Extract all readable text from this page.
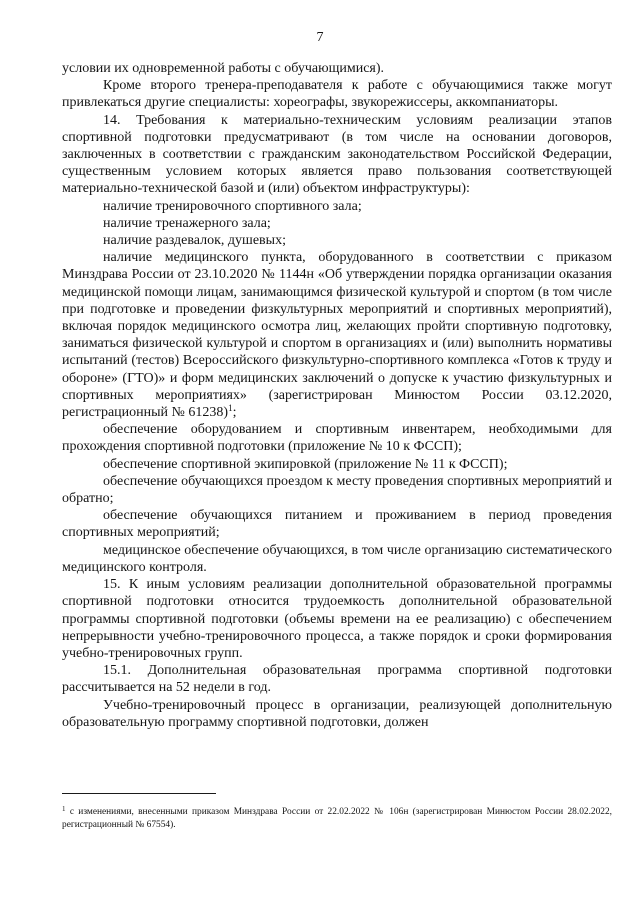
7

условии их одновременной работы с обучающимися).

Кроме второго тренера-преподавателя к работе с обучающимися также могут привлекаться другие специалисты: хореографы, звукорежиссеры, аккомпаниаторы.

14. Требования к материально-техническим условиям реализации этапов спортивной подготовки предусматривают (в том числе на основании договоров, заключенных в соответствии с гражданским законодательством Российской Федерации, существенным условием которых является право пользования соответствующей материально-технической базой и (или) объектом инфраструктуры):

наличие тренировочного спортивного зала;

наличие тренажерного зала;

наличие раздевалок, душевых;

наличие медицинского пункта, оборудованного в соответствии с приказом Минздрава России от 23.10.2020 № 1144н «Об утверждении порядка организации оказания медицинской помощи лицам, занимающимся физической культурой и спортом (в том числе при подготовке и проведении физкультурных мероприятий и спортивных мероприятий), включая порядок медицинского осмотра лиц, желающих пройти спортивную подготовку, заниматься физической культурой и спортом в организациях и (или) выполнить нормативы испытаний (тестов) Всероссийского физкультурно-спортивного комплекса «Готов к труду и обороне» (ГТО)» и форм медицинских заключений о допуске к участию физкультурных и спортивных мероприятиях» (зарегистрирован Минюстом России 03.12.2020, регистрационный № 61238)$^1$;

обеспечение оборудованием и спортивным инвентарем, необходимыми для прохождения спортивной подготовки (приложение № 10 к ФССП);

обеспечение спортивной экипировкой (приложение № 11 к ФССП);

обеспечение обучающихся проездом к месту проведения спортивных мероприятий и обратно;

обеспечение обучающихся питанием и проживанием в период проведения спортивных мероприятий;

медицинское обеспечение обучающихся, в том числе организацию систематического медицинского контроля.

15. К иным условиям реализации дополнительной образовательной программы спортивной подготовки относится трудоемкость дополнительной образовательной программы спортивной подготовки (объемы времени на ее реализацию) с обеспечением непрерывности учебно-тренировочного процесса, а также порядок и сроки формирования учебно-тренировочных групп.

15.1. Дополнительная образовательная программа спортивной подготовки рассчитывается на 52 недели в год.

Учебно-тренировочный процесс в организации, реализующей дополнительную образовательную программу спортивной подготовки, должен

$^1$ с изменениями, внесенными приказом Минздрава России от 22.02.2022 № 106н (зарегистрирован Минюстом России 28.02.2022, регистрационный № 67554).
